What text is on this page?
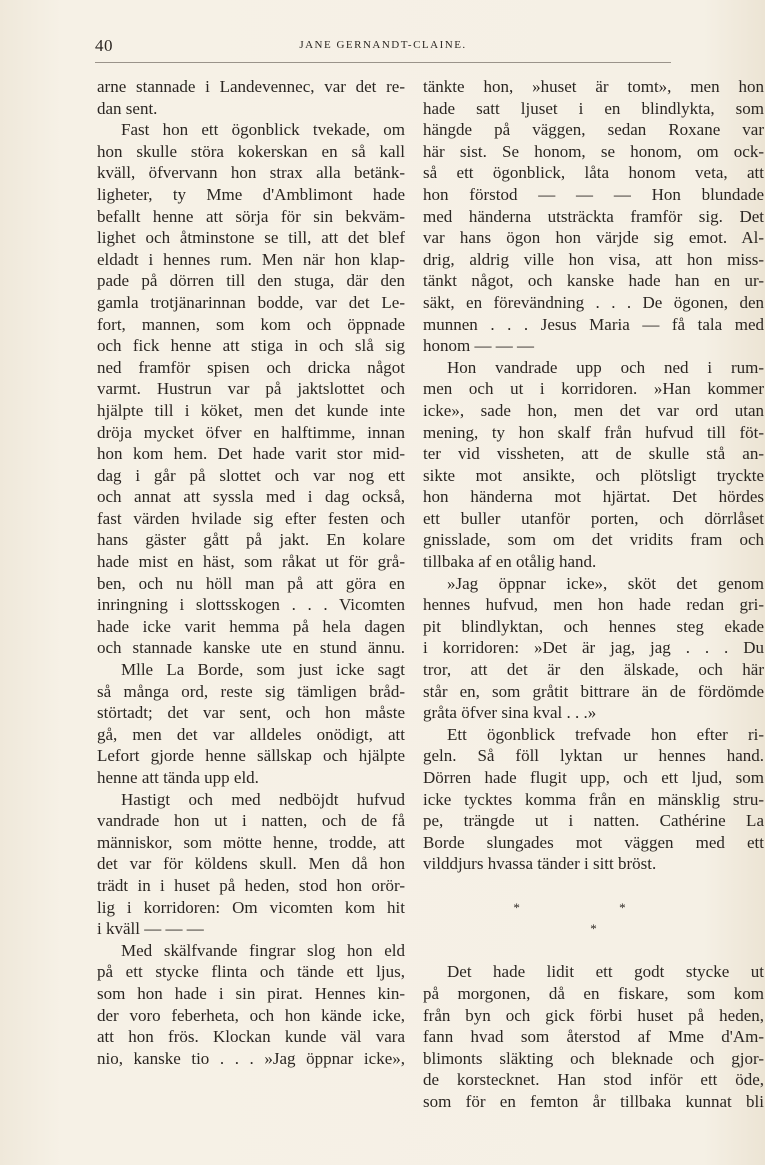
40	JANE GERNANDT-CLAINE.
arne stannade i Landevennec, var det re-
dan sent.
Fast hon ett ögonblick tvekade, om
hon skulle störa kokerskan en så kall
kväll, öfvervann hon strax alla betänk-
ligheter, ty Mme d'Amblimont hade
befallt henne att sörja för sin bekväm-
lighet och åtminstone se till, att det blef
eldadt i hennes rum. Men när hon klap-
pade på dörren till den stuga, där den
gamla trotjänarinnan bodde, var det Le-
fort, mannen, som kom och öppnade
och fick henne att stiga in och slå sig
ned framför spisen och dricka något
varmt. Hustrun var på jaktslottet och
hjälpte till i köket, men det kunde inte
dröja mycket öfver en halftimme, innan
hon kom hem. Det hade varit stor mid-
dag i går på slottet och var nog ett
och annat att syssla med i dag också,
fast värden hvilade sig efter festen och
hans gäster gått på jakt. En kolare
hade mist en häst, som råkat ut för grå-
ben, och nu höll man på att göra en
inringning i slottsskogen . . . Vicomten
hade icke varit hemma på hela dagen
och stannade kanske ute en stund ännu.
Mlle La Borde, som just icke sagt
så många ord, reste sig tämligen bråd-
störtadt; det var sent, och hon måste
gå, men det var alldeles onödigt, att
Lefort gjorde henne sällskap och hjälpte
henne att tända upp eld.
Hastigt och med nedböjdt hufvud
vandrade hon ut i natten, och de få
människor, som mötte henne, trodde, att
det var för köldens skull. Men då hon
trädt in i huset på heden, stod hon orör-
lig i korridoren: Om vicomten kom hit
i kväll — — —
Med skälfvande fingrar slog hon eld
på ett stycke flinta och tände ett ljus,
som hon hade i sin pirat. Hennes kin-
der voro feberheta, och hon kände icke,
att hon frös. Klockan kunde väl vara
nio, kanske tio . . . »Jag öppnar icke»,
tänkte hon, »huset är tomt», men hon
hade satt ljuset i en blindlykta, som
hängde på väggen, sedan Roxane var
här sist. Se honom, se honom, om ock-
så ett ögonblick, låta honom veta, att
hon förstod — — — Hon blundade
med händerna utsträckta framför sig. Det
var hans ögon hon värjde sig emot. Al-
drig, aldrig ville hon visa, att hon miss-
tänkt något, och kanske hade han en ur-
säkt, en förevändning . . . De ögonen, den
munnen . . . Jesus Maria — få tala med
honom — — —
Hon vandrade upp och ned i rum-
men och ut i korridoren. »Han kommer
icke», sade hon, men det var ord utan
mening, ty hon skalf från hufvud till föt-
ter vid vissheten, att de skulle stå an-
sikte mot ansikte, och plötsligt tryckte
hon händerna mot hjärtat. Det hördes
ett buller utanför porten, och dörrlåset
gnisslade, som om det vridits fram och
tillbaka af en otålig hand.
»Jag öppnar icke», sköt det genom
hennes hufvud, men hon hade redan gri-
pit blindlyktan, och hennes steg ekade
i korridoren: »Det är jag, jag . . . Du
tror, att det är den älskade, och här
står en, som gråtit bittrare än de fördömde
gråta öfver sina kval . . .»
Ett ögonblick trefvade hon efter ri-
geln. Så föll lyktan ur hennes hand.
Dörren hade flugit upp, och ett ljud, som
icke tycktes komma från en mänsklig stru-
pe, trängde ut i natten. Cathérine La
Borde slungades mot väggen med ett
vilddjurs hvassa tänder i sitt bröst.

* *
*

Det hade lidit ett godt stycke ut
på morgonen, då en fiskare, som kom
från byn och gick förbi huset på heden,
fann hvad som återstod af Mme d'Am-
blimonts släkting och bleknade och gjor-
de korstecknet. Han stod inför ett öde,
som för en femton år tillbaka kunnat bli
